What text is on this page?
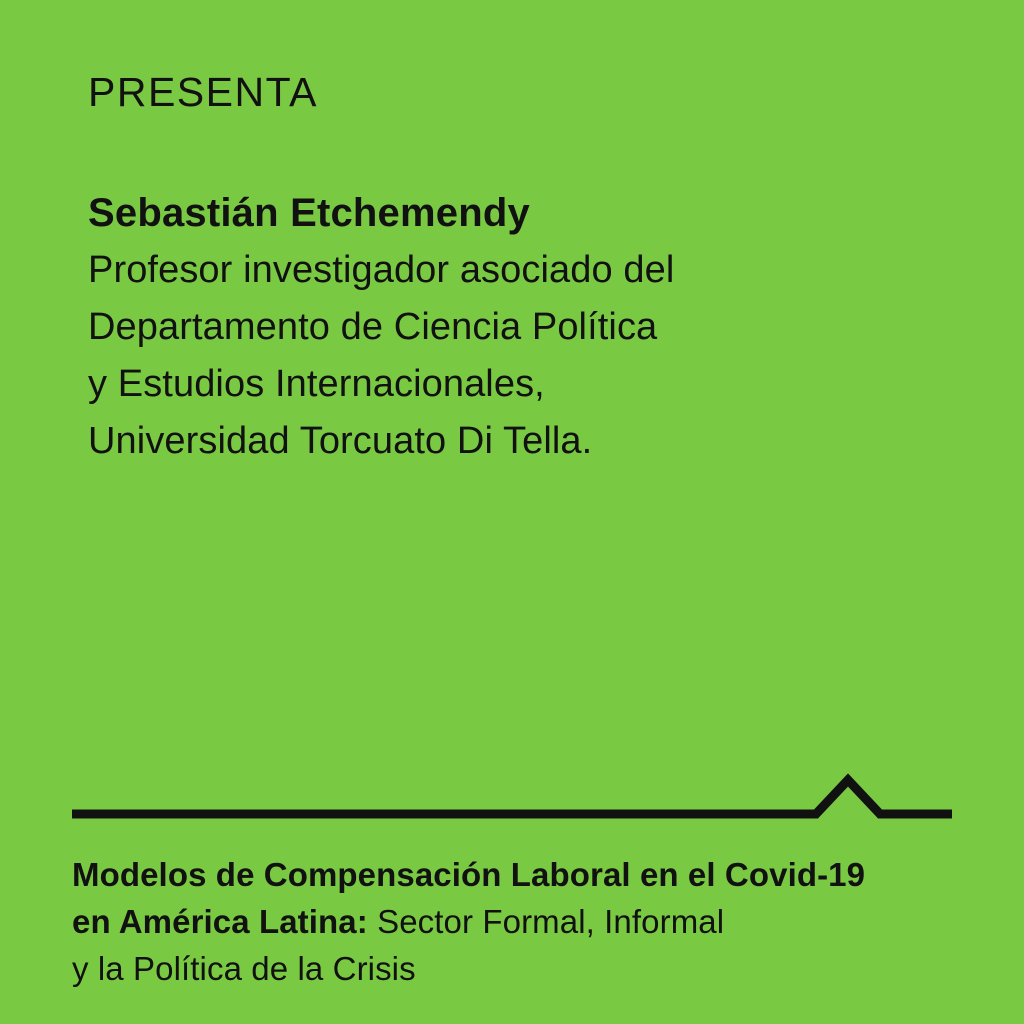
PRESENTA
Sebastián Etchemendy
Profesor investigador asociado del
Departamento de Ciencia Política
y Estudios Internacionales,
Universidad Torcuato Di Tella.
Modelos de Compensación Laboral en el Covid-19
en América Latina: Sector Formal, Informal
y la Política de la Crisis
